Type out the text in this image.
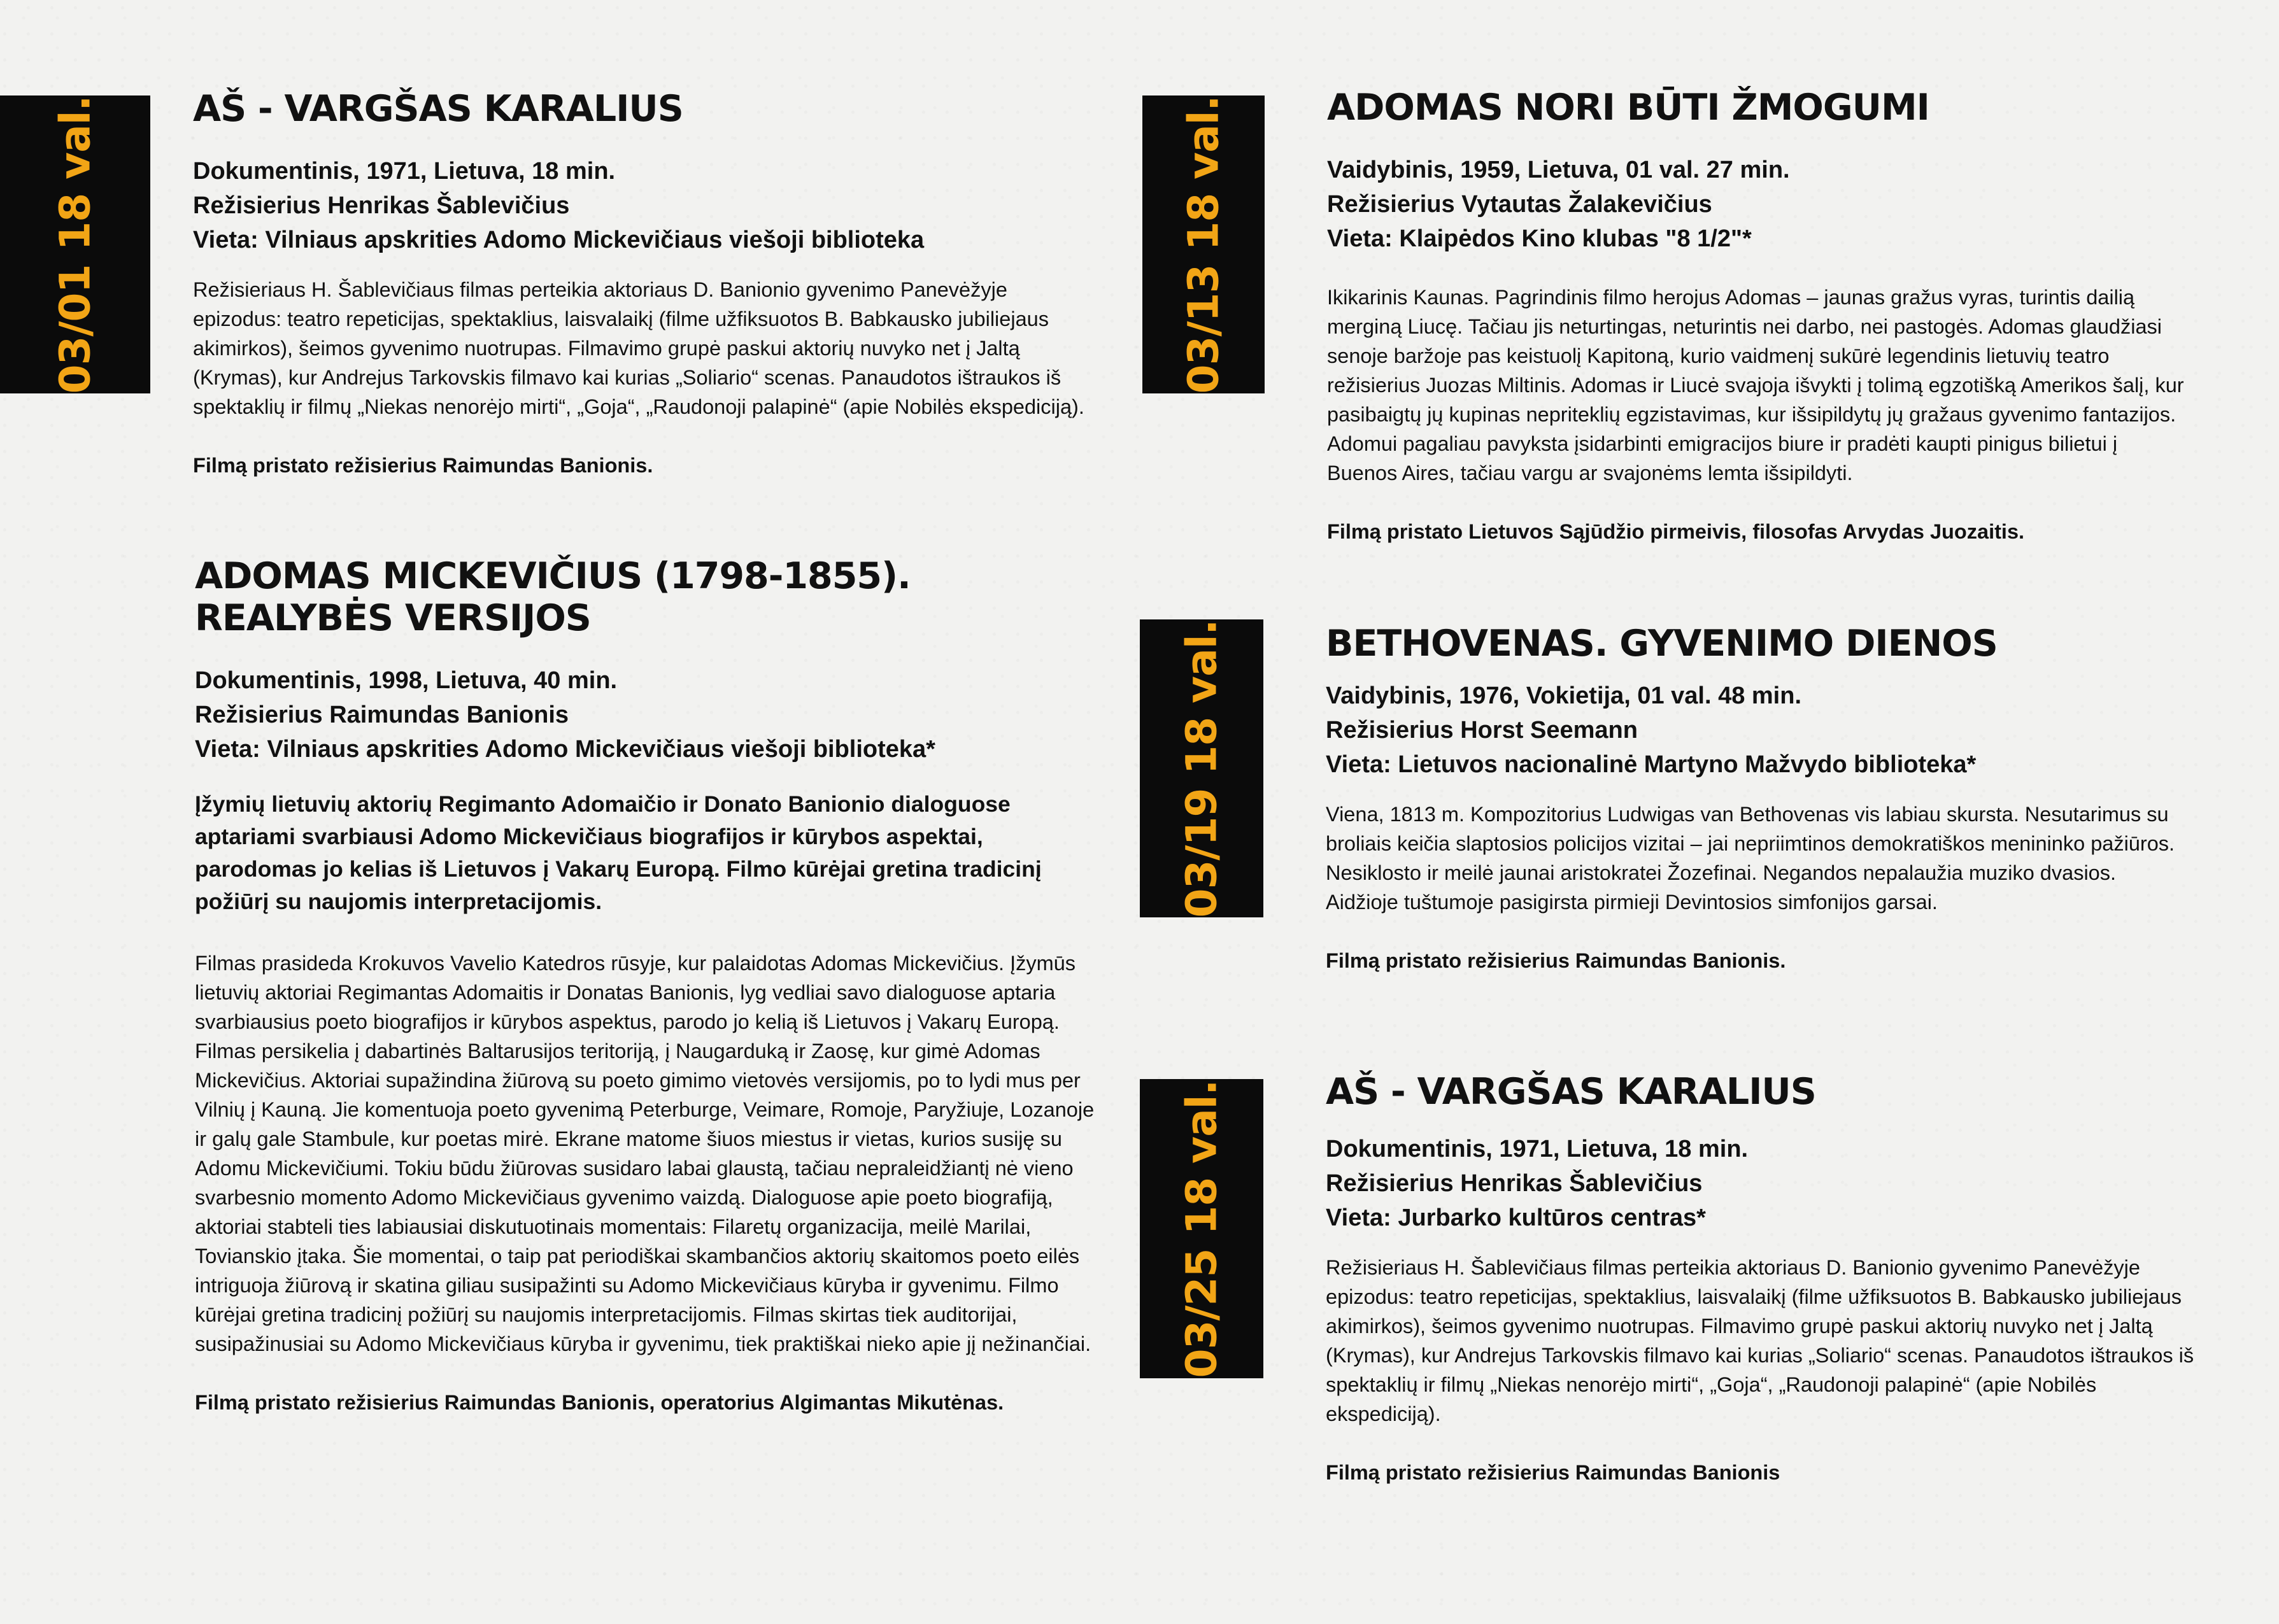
03/01 18 val.	AŠ - VARGŠAS KARALIUS
Dokumentinis, 1971, Lietuva, 18 min.
Režisierius Henrikas Šablevičius
Vieta: Vilniaus apskrities Adomo Mickevičiaus viešoji biblioteka
Režisieriaus H. Šablevičiaus filmas perteikia aktoriaus D. Banionio gyvenimo Panevėžyje epizodus: teatro repeticijas, spektaklius, laisvalaikį (filme užfiksuotos B. Babkausko jubiliejaus akimirkos), šeimos gyvenimo nuotrupas. Filmavimo grupė paskui aktorių nuvyko net į Jaltą (Krymas), kur Andrejus Tarkovskis filmavo kai kurias „Soliario“ scenas. Panaudotos ištraukos iš spektaklių ir filmų „Niekas nenorėjo mirti“, „Goja“, „Raudonoji palapinė“ (apie Nobilės ekspediciją).
Filmą pristato režisierius Raimundas Banionis.
ADOMAS MICKEVIČIUS (1798-1855).
REALYBĖS VERSIJOS
Dokumentinis, 1998, Lietuva, 40 min.
Režisierius Raimundas Banionis
Vieta: Vilniaus apskrities Adomo Mickevičiaus viešoji biblioteka*
Įžymių lietuvių aktorių Regimanto Adomaičio ir Donato Banionio dialoguose aptariami svarbiausi Adomo Mickevičiaus biografijos ir kūrybos aspektai, parodomas jo kelias iš Lietuvos į Vakarų Europą. Filmo kūrėjai gretina tradicinį požiūrį su naujomis interpretacijomis.
Filmas prasideda Krokuvos Vavelio Katedros rūsyje, kur palaidotas Adomas Mickevičius. Įžymūs lietuvių aktoriai Regimantas Adomaitis ir Donatas Banionis, lyg vedliai savo dialoguose aptaria svarbiausius poeto biografijos ir kūrybos aspektus, parodo jo kelią iš Lietuvos į Vakarų Europą. Filmas persikelia į dabartinės Baltarusijos teritoriją, į Naugarduką ir Zaosę, kur gimė Adomas Mickevičius. Aktoriai supažindina žiūrovą su poeto gimimo vietovės versijomis, po to lydi mus per Vilnių į Kauną. Jie komentuoja poeto gyvenimą Peterburge, Veimare, Romoje, Paryžiuje, Lozanoje ir galų gale Stambule, kur poetas mirė. Ekrane matome šiuos miestus ir vietas, kurios susiję su Adomu Mickevičiumi. Tokiu būdu žiūrovas susidaro labai glaustą, tačiau nepraleidžiantį nė vieno svarbesnio momento Adomo Mickevičiaus gyvenimo vaizdą. Dialoguose apie poeto biografiją, aktoriai stabteli ties labiausiai diskutuotinais momentais: Filaretų organizacija, meilė Marilai, Tovianskio įtaka. Šie momentai, o taip pat periodiškai skambančios aktorių skaitomos poeto eilės intriguoja žiūrovą ir skatina giliau susipažinti su Adomo Mickevičiaus kūryba ir gyvenimu. Filmo kūrėjai gretina tradicinį požiūrį su naujomis interpretacijomis. Filmas skirtas tiek auditorijai, susipažinusiai su Adomo Mickevičiaus kūryba ir gyvenimu, tiek praktiškai nieko apie jį nežinančiai.
Filmą pristato režisierius Raimundas Banionis, operatorius Algimantas Mikutėnas.
03/13 18 val.	ADOMAS NORI BŪTI ŽMOGUMI
Vaidybinis, 1959, Lietuva, 01 val. 27 min.
Režisierius Vytautas Žalakevičius
Vieta: Klaipėdos Kino klubas "8 1/2"*
Ikikarinis Kaunas. Pagrindinis filmo herojus Adomas – jaunas gražus vyras, turintis dailią merginą Liucę. Tačiau jis neturtingas, neturintis nei darbo, nei pastogės. Adomas glaudžiasi senoje baržoje pas keistuolį Kapitoną, kurio vaidmenį sukūrė legendinis lietuvių teatro režisierius Juozas Miltinis. Adomas ir Liucė svajoja išvykti į tolimą egzotišką Amerikos šalį, kur pasibaigtų jų kupinas nepriteklių egzistavimas, kur išsipildytų jų gražaus gyvenimo fantazijos. Adomui pagaliau pavyksta įsidarbinti emigracijos biure ir pradėti kaupti pinigus bilietui į Buenos Aires, tačiau vargu ar svajonėms lemta išsipildyti.
Filmą pristato Lietuvos Sąjūdžio pirmeivis, filosofas Arvydas Juozaitis.
03/19 18 val.	BETHOVENAS. GYVENIMO DIENOS
Vaidybinis, 1976, Vokietija, 01 val. 48 min.
Režisierius Horst Seemann
Vieta: Lietuvos nacionalinė Martyno Mažvydo biblioteka*
Viena, 1813 m. Kompozitorius Ludwigas van Bethovenas vis labiau skursta. Nesutarimus su broliais keičia slaptosios policijos vizitai – jai nepriimtinos demokratiškos menininko pažiūros. Nesiklosto ir meilė jaunai aristokratei Žozefinai. Negandos nepalaužia muziko dvasios. Aidžioje tuštumoje pasigirsta pirmieji Devintosios simfonijos garsai.
Filmą pristato režisierius Raimundas Banionis.
03/25 18 val.	AŠ - VARGŠAS KARALIUS
Dokumentinis, 1971, Lietuva, 18 min.
Režisierius Henrikas Šablevičius
Vieta: Jurbarko kultūros centras*
Režisieriaus H. Šablevičiaus filmas perteikia aktoriaus D. Banionio gyvenimo Panevėžyje epizodus: teatro repeticijas, spektaklius, laisvalaikį (filme užfiksuotos B. Babkausko jubiliejaus akimirkos), šeimos gyvenimo nuotrupas. Filmavimo grupė paskui aktorių nuvyko net į Jaltą (Krymas), kur Andrejus Tarkovskis filmavo kai kurias „Soliario“ scenas. Panaudotos ištraukos iš spektaklių ir filmų „Niekas nenorėjo mirti“, „Goja“, „Raudonoji palapinė“ (apie Nobilės ekspediciją).
Filmą pristato režisierius Raimundas Banionis
